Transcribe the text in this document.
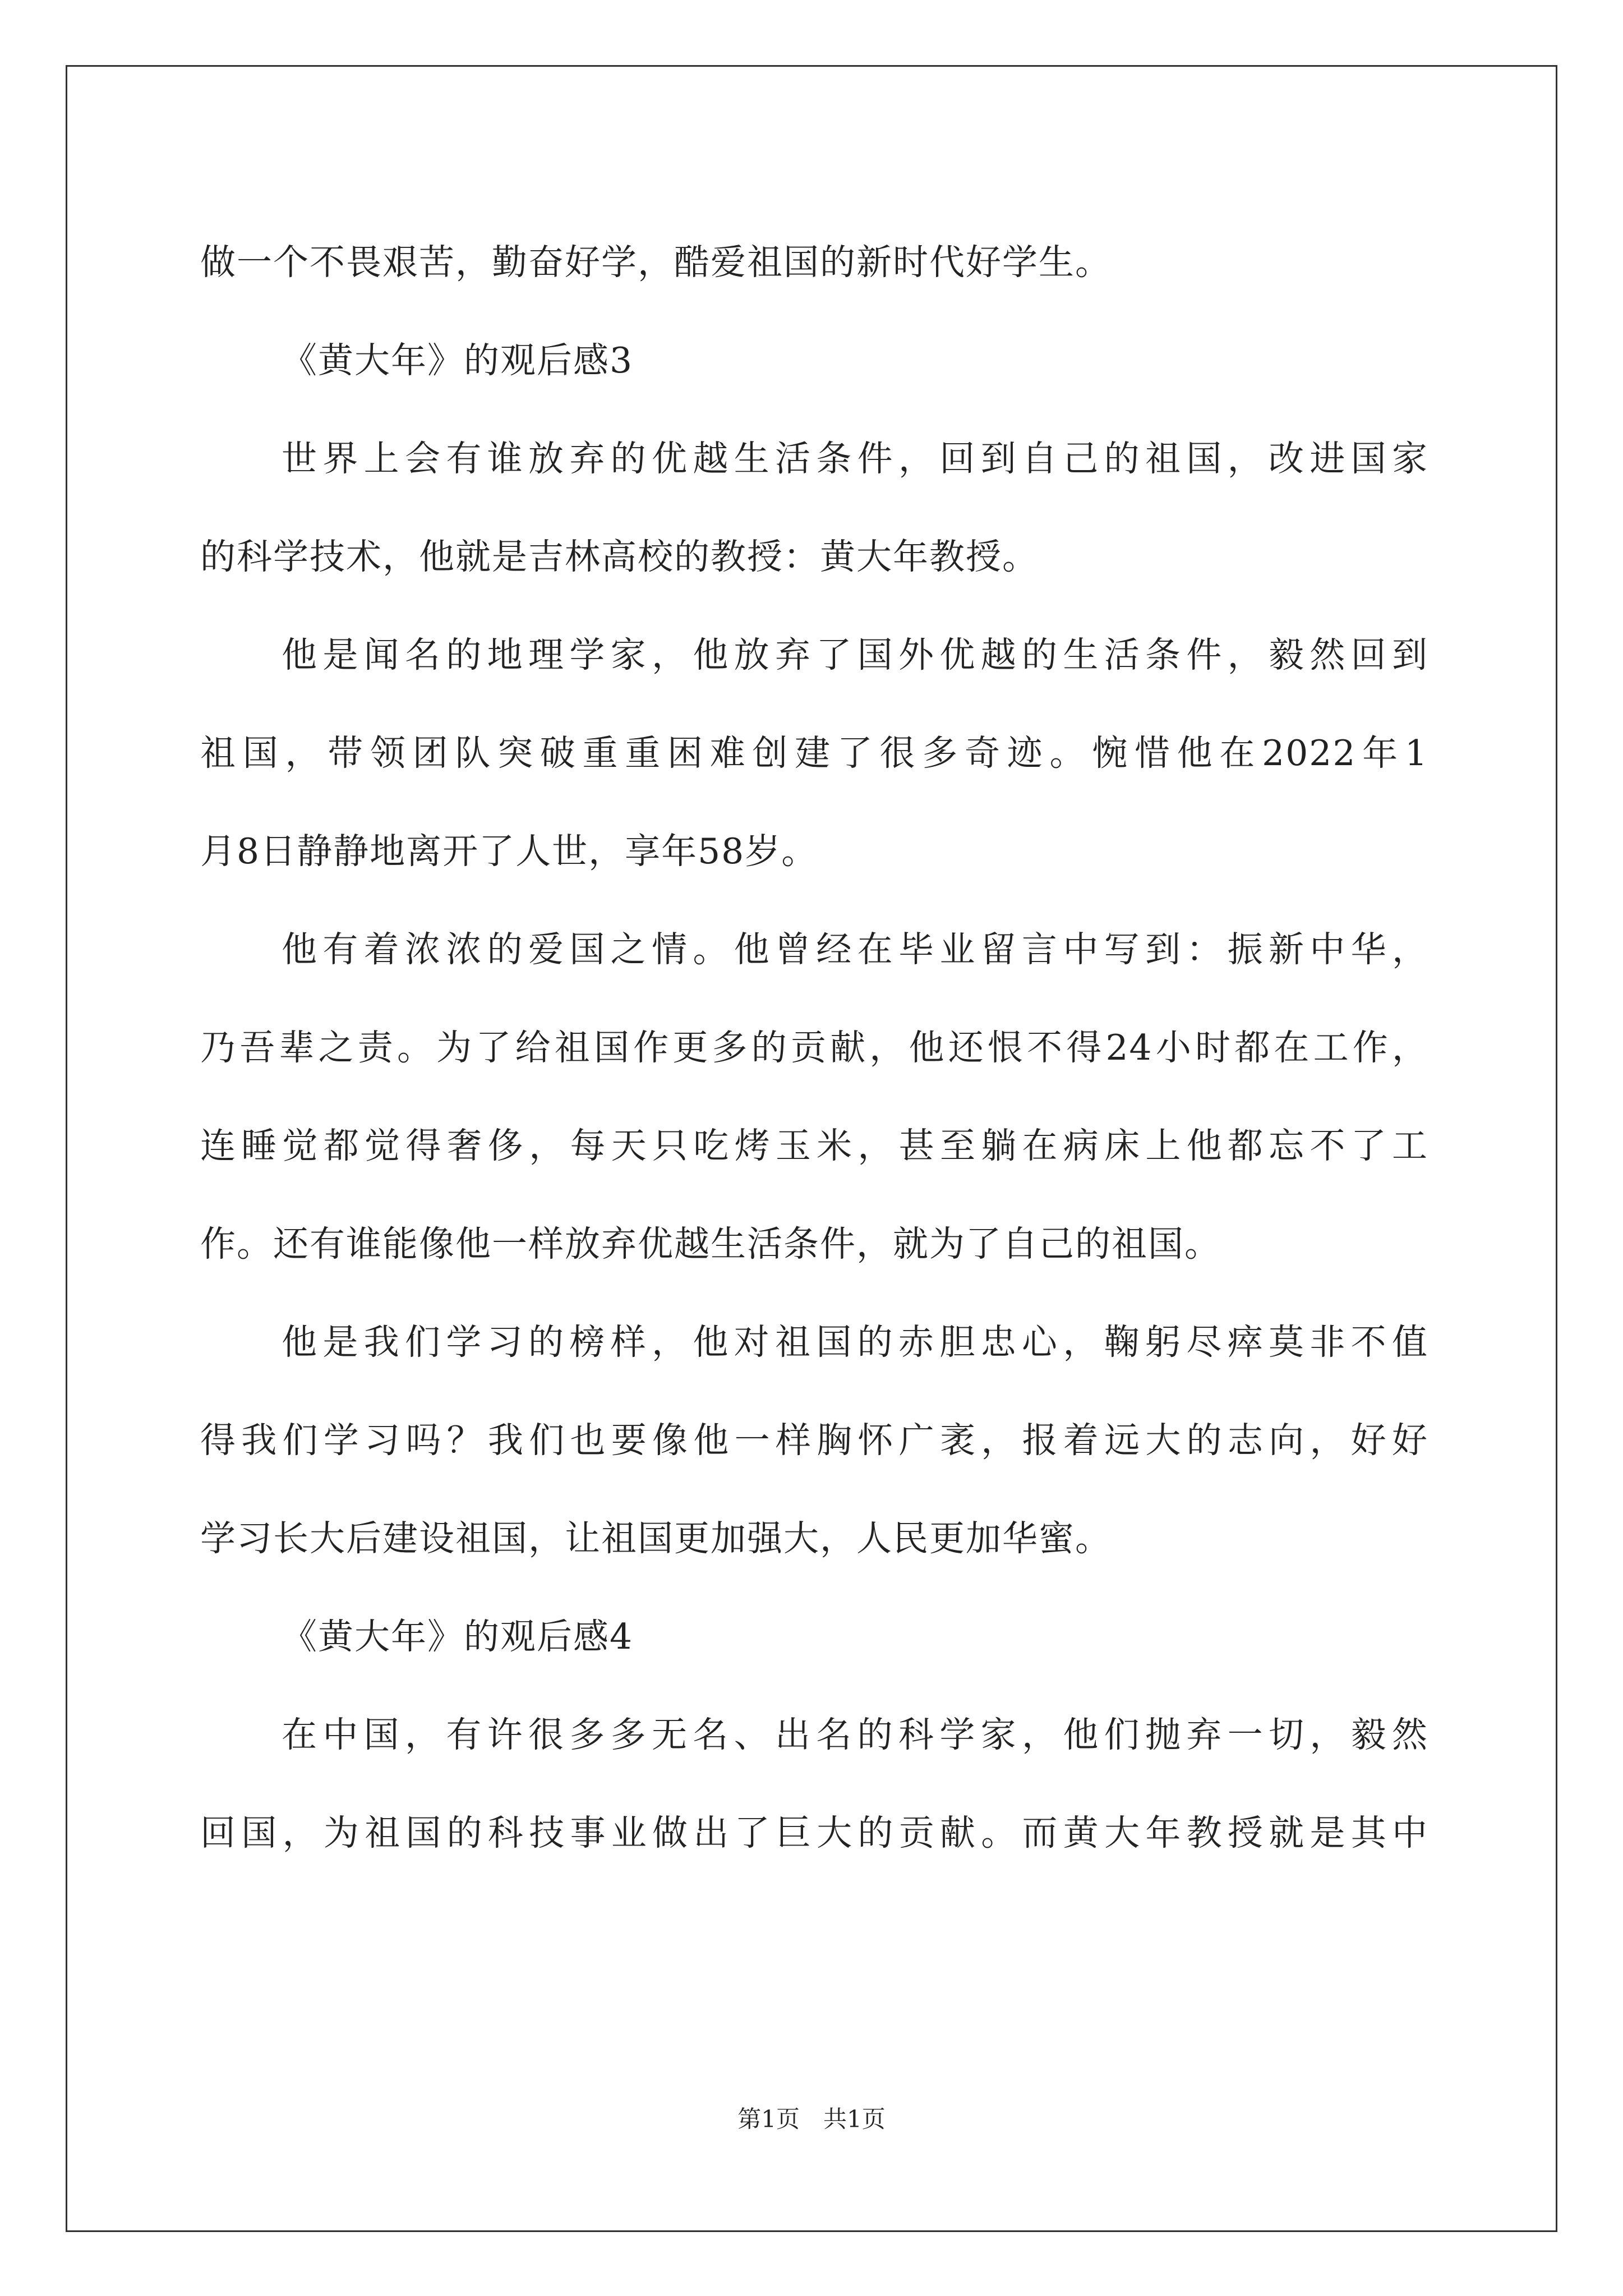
做一个不畏艰苦，勤奋好学，酷爱祖国的新时代好学生。
《黄大年》的观后感3
世界上会有谁放弃的优越生活条件，回到自己的祖国，改进国家
的科学技术，他就是吉林高校的教授：黄大年教授。
他是闻名的地理学家，他放弃了国外优越的生活条件，毅然回到
祖国，带领团队突破重重困难创建了很多奇迹。惋惜他在2022年1
月8日静静地离开了人世，享年58岁。
他有着浓浓的爱国之情。他曾经在毕业留言中写到：振新中华，
乃吾辈之责。为了给祖国作更多的贡献，他还恨不得24小时都在工作，
连睡觉都觉得奢侈，每天只吃烤玉米，甚至躺在病床上他都忘不了工
作。还有谁能像他一样放弃优越生活条件，就为了自己的祖国。
他是我们学习的榜样，他对祖国的赤胆忠心，鞠躬尽瘁莫非不值
得我们学习吗？我们也要像他一样胸怀广袤，报着远大的志向，好好
学习长大后建设祖国，让祖国更加强大，人民更加华蜜。
《黄大年》的观后感4
在中国，有许很多多无名、出名的科学家，他们抛弃一切，毅然
回国，为祖国的科技事业做出了巨大的贡献。而黄大年教授就是其中
第1页　共1页
